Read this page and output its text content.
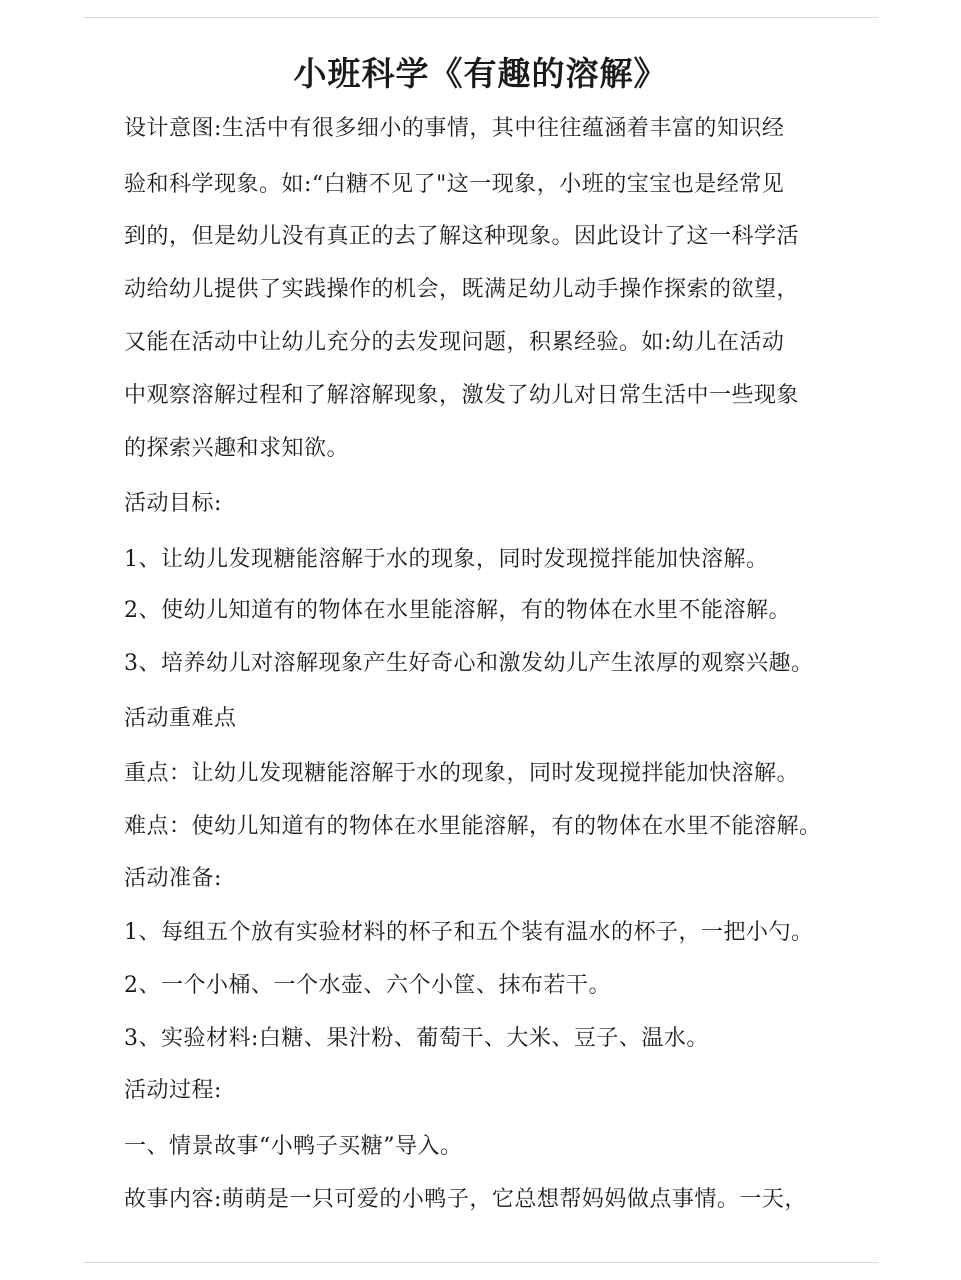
小班科学《有趣的溶解》
设计意图:生活中有很多细小的事情，其中往往蕴涵着丰富的知识经
验和科学现象。如:“白糖不见了"这一现象，小班的宝宝也是经常见
到的，但是幼儿没有真正的去了解这种现象。因此设计了这一科学活
动给幼儿提供了实践操作的机会，既满足幼儿动手操作探索的欲望，
又能在活动中让幼儿充分的去发现问题，积累经验。如:幼儿在活动
中观察溶解过程和了解溶解现象，激发了幼儿对日常生活中一些现象
的探索兴趣和求知欲。
活动目标:
1、让幼儿发现糖能溶解于水的现象，同时发现搅拌能加快溶解。
2、使幼儿知道有的物体在水里能溶解，有的物体在水里不能溶解。
3、培养幼儿对溶解现象产生好奇心和激发幼儿产生浓厚的观察兴趣。
活动重难点
重点：让幼儿发现糖能溶解于水的现象，同时发现搅拌能加快溶解。
难点：使幼儿知道有的物体在水里能溶解，有的物体在水里不能溶解。
活动准备:
1、每组五个放有实验材料的杯子和五个装有温水的杯子，一把小勺。
2、一个小桶、一个水壶、六个小筐、抹布若干。
3、实验材料:白糖、果汁粉、葡萄干、大米、豆子、温水。
活动过程:
一、情景故事“小鸭子买糖”导入。
故事内容:萌萌是一只可爱的小鸭子，它总想帮妈妈做点事情。一天，
